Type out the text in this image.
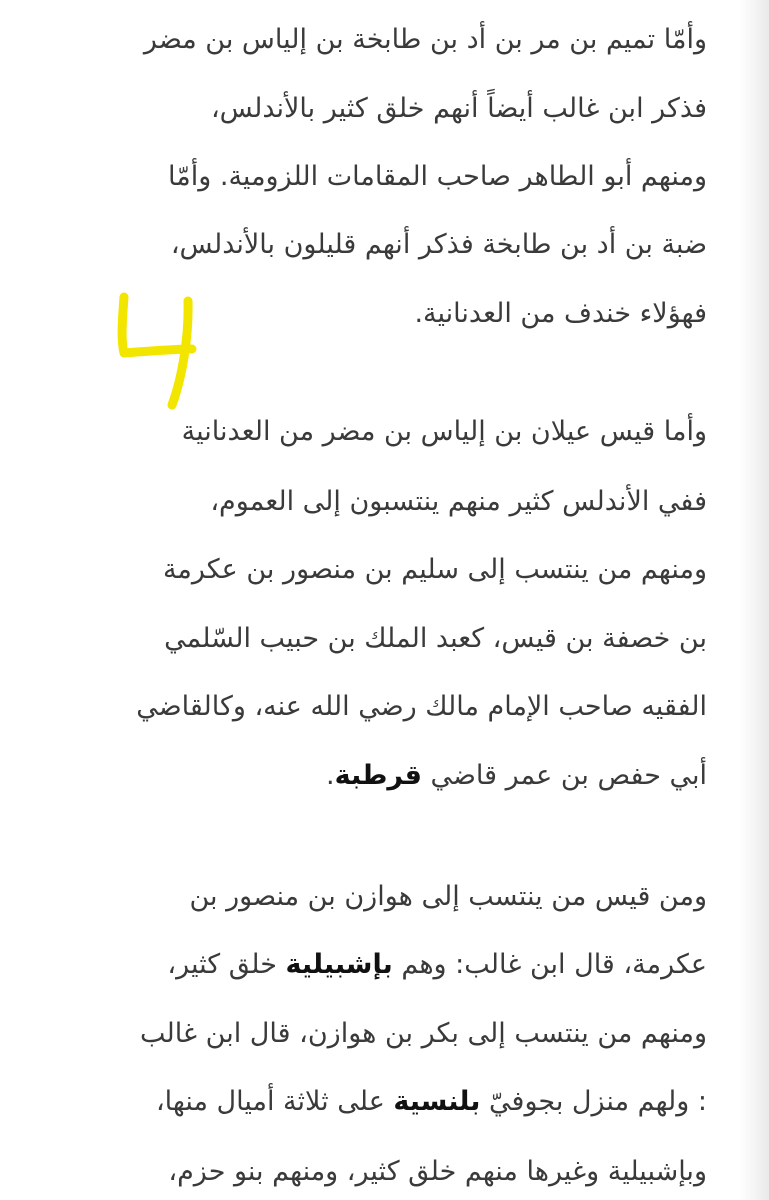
وأمّا تميم بن مر بن أد بن طابخة بن إلياس بن مضر
فذكر ابن غالب أيضاً أنهم خلق كثير بالأندلس،
ومنهم أبو الطاهر صاحب المقامات اللزومية. وأمّا
ضبة بن أد بن طابخة فذكر أنهم قليلون بالأندلس،
فهؤلاء خندف من العدنانية.
وأما قيس عيلان بن إلياس بن مضر من العدنانية
ففي الأندلس كثير منهم ينتسبون إلى العموم،
ومنهم من ينتسب إلى سليم بن منصور بن عكرمة
بن خصفة بن قيس، كعبد الملك بن حبيب السّلمي
الفقيه صاحب الإمام مالك رضي الله عنه، وكالقاضي
أبي حفص بن عمر قاضي قرطبة.
ومن قيس من ينتسب إلى هوازن بن منصور بن
عكرمة، قال ابن غالب: وهم بإشبيلية خلق كثير،
ومنهم من ينتسب إلى بكر بن هوازن، قال ابن غالب
: ولهم منزل بجوفيّ بلنسية على ثلاثة أميال منها،
وبإشبيلية وغيرها منهم خلق كثير، ومنهم بنو حزم،
